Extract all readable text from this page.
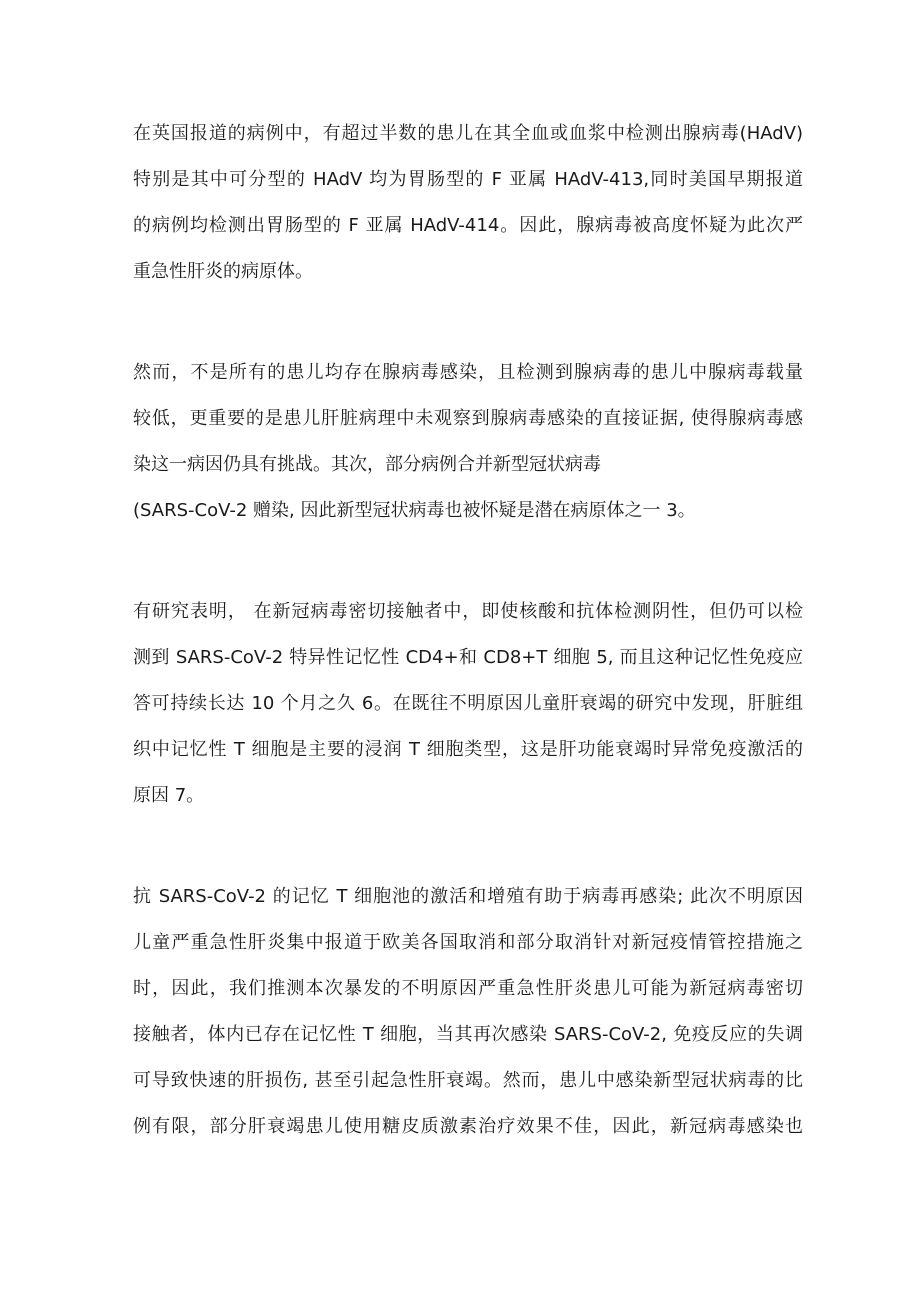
在英国报道的病例中，有超过半数的患儿在其全血或血浆中检测出腺病毒(HAdV)
特别是其中可分型的 HAdV 均为胃肠型的 F 亚属 HAdV-413,同时美国早期报道
的病例均检测出胃肠型的 F 亚属 HAdV-414。因此，腺病毒被高度怀疑为此次严
重急性肝炎的病原体。
然而，不是所有的患儿均存在腺病毒感染，且检测到腺病毒的患儿中腺病毒载量
较低，更重要的是患儿肝脏病理中未观察到腺病毒感染的直接证据, 使得腺病毒感
染这一病因仍具有挑战。其次，部分病例合并新型冠状病毒
(SARS-CoV-2 赠染, 因此新型冠状病毒也被怀疑是潜在病原体之一 3。
有研究表明， 在新冠病毒密切接触者中，即使核酸和抗体检测阴性，但仍可以检
测到 SARS-CoV-2 特异性记忆性 CD4+和 CD8+T 细胞 5, 而且这种记忆性免疫应
答可持续长达 10 个月之久 6。在既往不明原因儿童肝衰竭的研究中发现，肝脏组
织中记忆性 T 细胞是主要的浸润 T 细胞类型，这是肝功能衰竭时异常免疫激活的
原因 7。
抗 SARS-CoV-2 的记忆 T 细胞池的激活和增殖有助于病毒再感染; 此次不明原因
儿童严重急性肝炎集中报道于欧美各国取消和部分取消针对新冠疫情管控措施之
时，因此，我们推测本次暴发的不明原因严重急性肝炎患儿可能为新冠病毒密切
接触者，体内已存在记忆性 T 细胞，当其再次感染 SARS-CoV-2, 免疫反应的失调
可导致快速的肝损伤, 甚至引起急性肝衰竭。然而，患儿中感染新型冠状病毒的比
例有限，部分肝衰竭患儿使用糖皮质激素治疗效果不佳，因此，新冠病毒感染也
